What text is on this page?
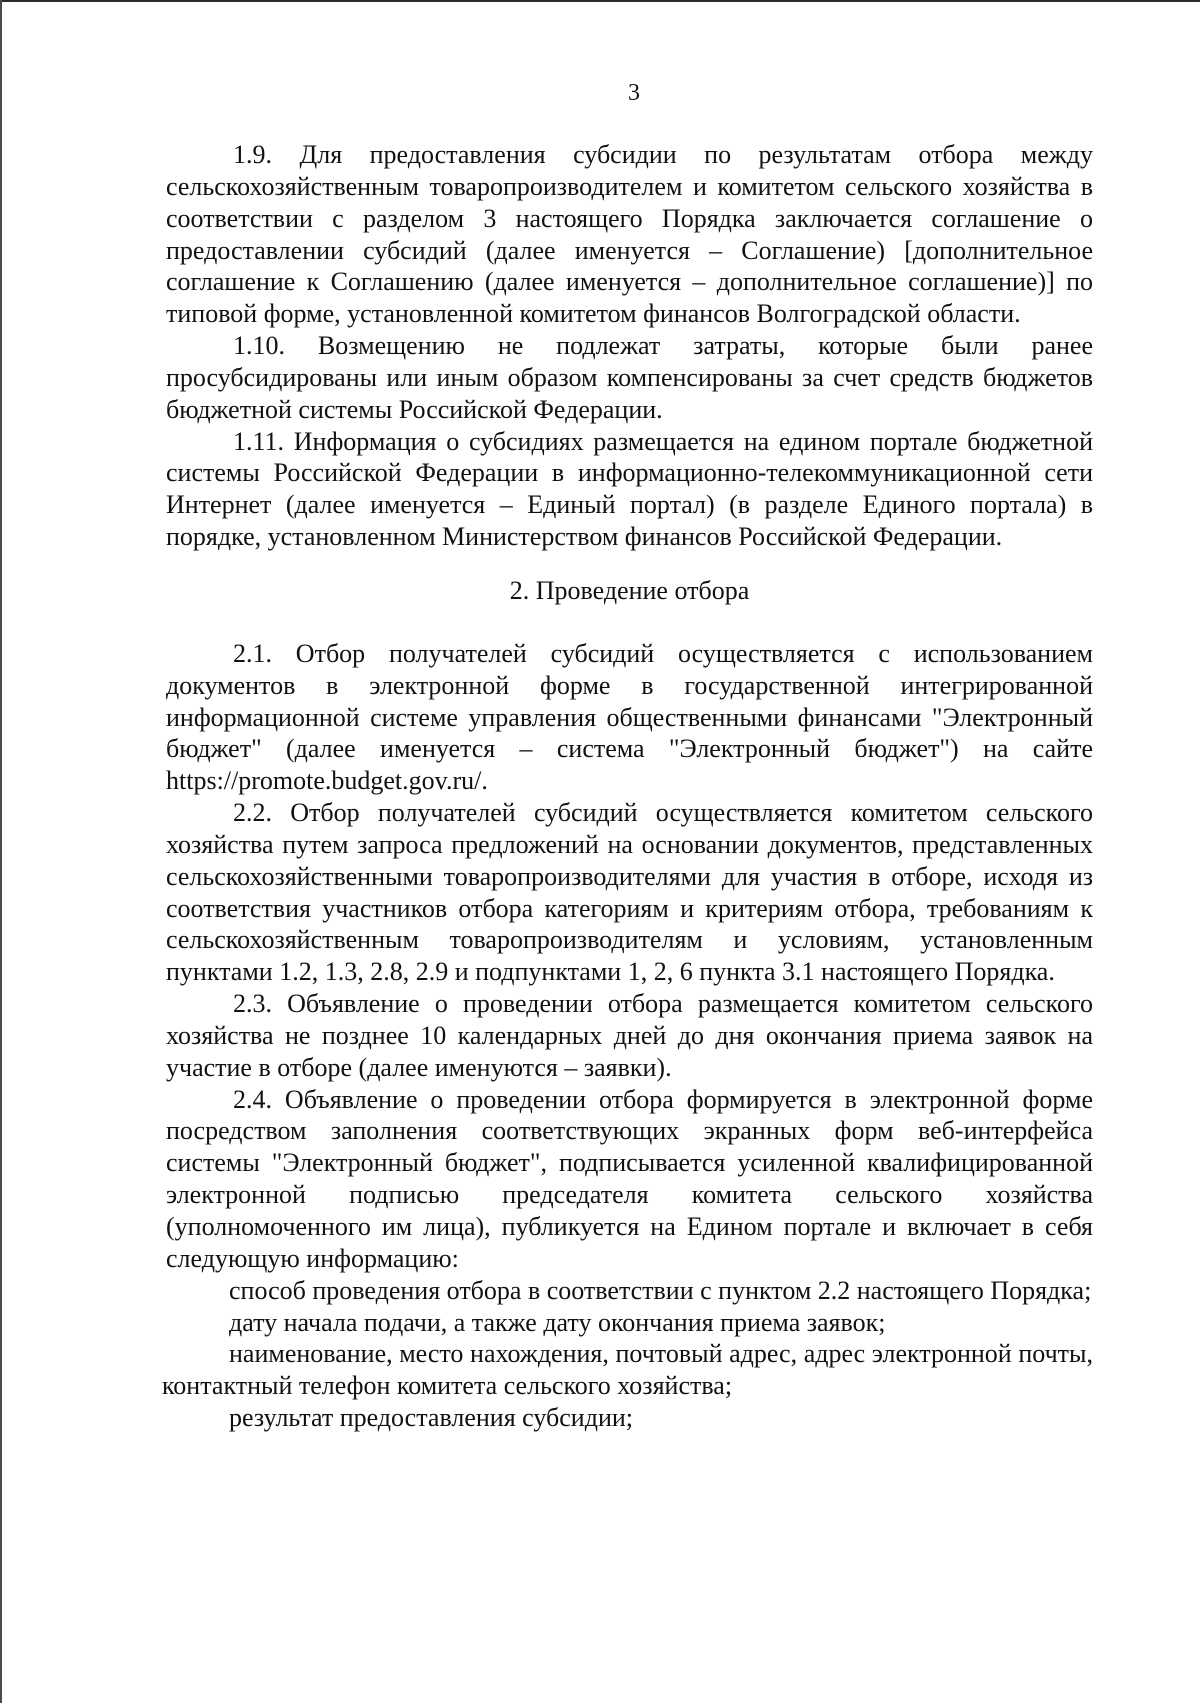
3

1.9. Для предоставления субсидии по результатам отбора между сельскохозяйственным товаропроизводителем и комитетом сельского хозяйства в соответствии с разделом 3 настоящего Порядка заключается соглашение о предоставлении субсидий (далее именуется – Соглашение) [дополнительное соглашение к Соглашению (далее именуется – дополнительное соглашение)] по типовой форме, установленной комитетом финансов Волгоградской области.

1.10. Возмещению не подлежат затраты, которые были ранее просубсидированы или иным образом компенсированы за счет средств бюджетов бюджетной системы Российской Федерации.

1.11. Информация о субсидиях размещается на едином портале бюджетной системы Российской Федерации в информационно-телекоммуникационной сети Интернет (далее именуется – Единый портал) (в разделе Единого портала) в порядке, установленном Министерством финансов Российской Федерации.

2. Проведение отбора

2.1. Отбор получателей субсидий осуществляется с использованием документов в электронной форме в государственной интегрированной информационной системе управления общественными финансами "Электронный бюджет" (далее именуется – система "Электронный бюджет") на сайте https://promote.budget.gov.ru/.

2.2. Отбор получателей субсидий осуществляется комитетом сельского хозяйства путем запроса предложений на основании документов, представленных сельскохозяйственными товаропроизводителями для участия в отборе, исходя из соответствия участников отбора категориям и критериям отбора, требованиям к сельскохозяйственным товаропроизводителям и условиям, установленным пунктами 1.2, 1.3, 2.8, 2.9 и подпунктами 1, 2, 6 пункта 3.1 настоящего Порядка.

2.3. Объявление о проведении отбора размещается комитетом сельского хозяйства не позднее 10 календарных дней до дня окончания приема заявок на участие в отборе (далее именуются – заявки).

2.4. Объявление о проведении отбора формируется в электронной форме посредством заполнения соответствующих экранных форм веб-интерфейса системы "Электронный бюджет", подписывается усиленной квалифицированной электронной подписью председателя комитета сельского хозяйства (уполномоченного им лица), публикуется на Едином портале и включает в себя следующую информацию:

способ проведения отбора в соответствии с пунктом 2.2 настоящего Порядка;

дату начала подачи, а также дату окончания приема заявок;

наименование, место нахождения, почтовый адрес, адрес электронной почты, контактный телефон комитета сельского хозяйства;

результат предоставления субсидии;
